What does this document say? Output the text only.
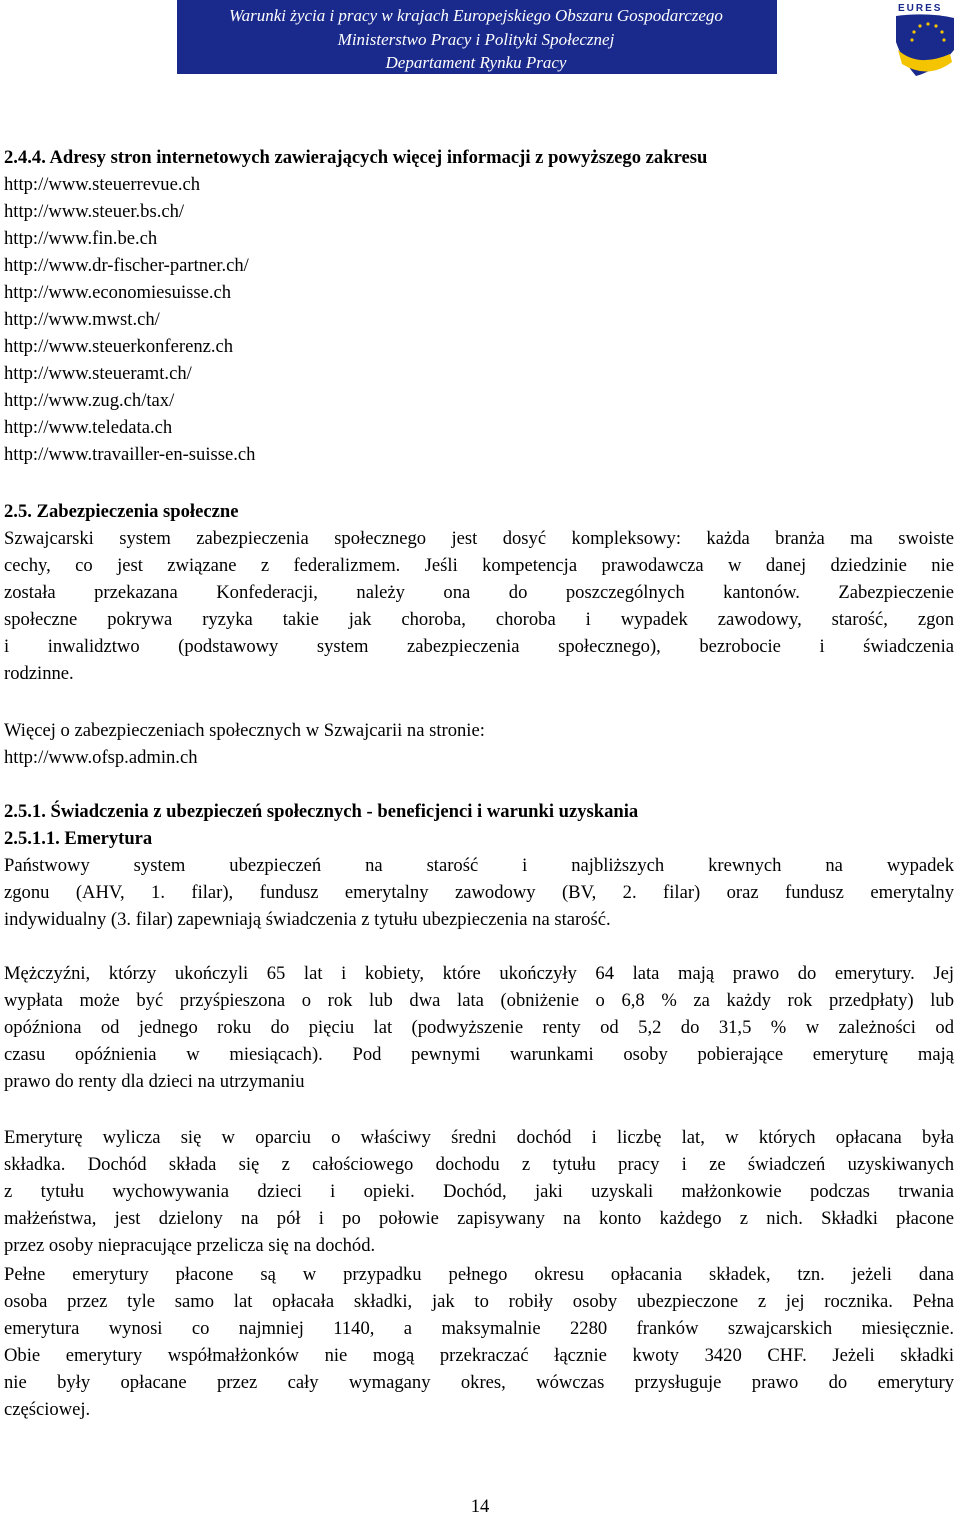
Warunki życia i pracy w krajach Europejskiego Obszaru Gospodarczego
Ministerstwo Pracy i Polityki Społecznej
Departament Rynku Pracy
EURES
2.4.4. Adresy stron internetowych zawierających więcej informacji z powyższego zakresu
http://www.steuerrevue.ch
http://www.steuer.bs.ch/
http://www.fin.be.ch
http://www.dr-fischer-partner.ch/
http://www.economiesuisse.ch
http://www.mwst.ch/
http://www.steuerkonferenz.ch
http://www.steueramt.ch/
http://www.zug.ch/tax/
http://www.teledata.ch
http://www.travailler-en-suisse.ch
2.5. Zabezpieczenia społeczne
Szwajcarski system zabezpieczenia społecznego jest dosyć kompleksowy: każda branża ma swoiste
cechy, co jest związane z federalizmem. Jeśli kompetencja prawodawcza w danej dziedzinie nie
została przekazana Konfederacji, należy ona do poszczególnych kantonów. Zabezpieczenie
społeczne pokrywa ryzyka takie jak choroba, choroba i wypadek zawodowy, starość, zgon
i inwalidztwo (podstawowy system zabezpieczenia społecznego), bezrobocie i świadczenia
rodzinne.
Więcej o zabezpieczeniach społecznych w Szwajcarii na stronie:
http://www.ofsp.admin.ch
2.5.1. Świadczenia z ubezpieczeń społecznych - beneficjenci i warunki uzyskania
2.5.1.1. Emerytura
Państwowy system ubezpieczeń na starość i najbliższych krewnych na wypadek
zgonu (AHV, 1. filar), fundusz emerytalny zawodowy (BV, 2. filar) oraz fundusz emerytalny
indywidualny (3. filar) zapewniają świadczenia z tytułu ubezpieczenia na starość.
Mężczyźni, którzy ukończyli 65 lat i kobiety, które ukończyły 64 lata mają prawo do emerytury. Jej
wypłata może być przyśpieszona o rok lub dwa lata (obniżenie o 6,8 % za każdy rok przedpłaty) lub
opóźniona od jednego roku do pięciu lat (podwyższenie renty od 5,2 do 31,5 % w zależności od
czasu opóźnienia w miesiącach). Pod pewnymi warunkami osoby pobierające emeryturę mają
prawo do renty dla dzieci na utrzymaniu
Emeryturę wylicza się w oparciu o właściwy średni dochód i liczbę lat, w których opłacana była
składka. Dochód składa się z całościowego dochodu z tytułu pracy i ze świadczeń uzyskiwanych
z tytułu wychowywania dzieci i opieki. Dochód, jaki uzyskali małżonkowie podczas trwania
małżeństwa, jest dzielony na pół i po połowie zapisywany na konto każdego z nich. Składki płacone
przez osoby niepracujące przelicza się na dochód.
Pełne emerytury płacone są w przypadku pełnego okresu opłacania składek, tzn. jeżeli dana
osoba przez tyle samo lat opłacała składki, jak to robiły osoby ubezpieczone z jej rocznika. Pełna
emerytura wynosi co najmniej 1140, a maksymalnie 2280 franków szwajcarskich miesięcznie.
Obie emerytury współmałżonków nie mogą przekraczać łącznie kwoty 3420 CHF. Jeżeli składki
nie były opłacane przez cały wymagany okres, wówczas przysługuje prawo do emerytury
częściowej.
14
